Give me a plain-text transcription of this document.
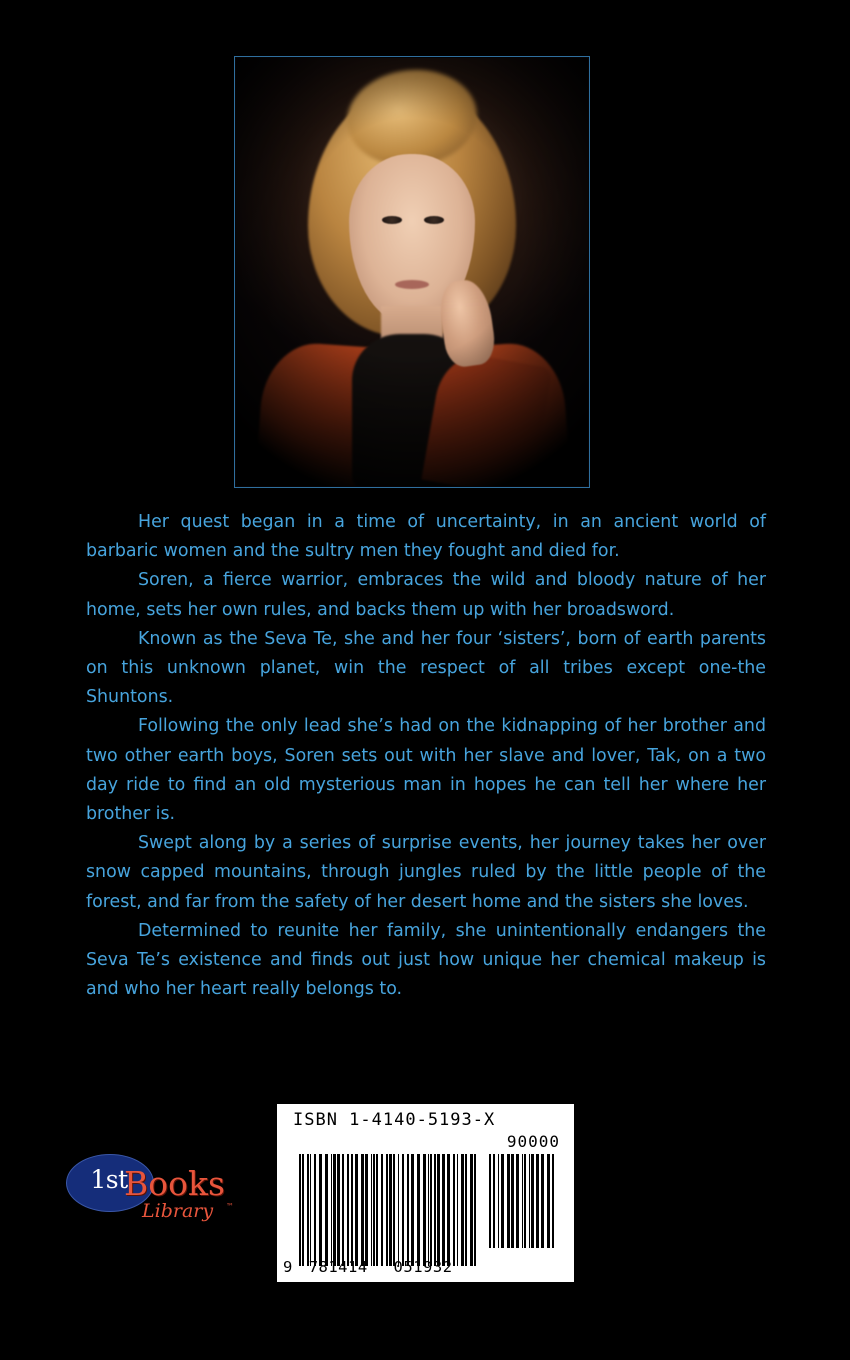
Her quest began in a time of uncertainty, in an ancient world of barbaric women and the sultry men they fought and died for.

Soren, a fierce warrior, embraces the wild and bloody nature of her home, sets her own rules, and backs them up with her broadsword.

Known as the Seva Te, she and her four ‘sisters’, born of earth parents on this unknown planet, win the respect of all tribes except one-the Shuntons.

Following the only lead she’s had on the kidnapping of her brother and two other earth boys, Soren sets out with her slave and lover, Tak, on a two day ride to find an old mysterious man in hopes he can tell her where her brother is.

Swept along by a series of surprise events, her journey takes her over snow capped mountains, through jungles ruled by the little people of the forest, and far from the safety of her desert home and the sisters she loves.

Determined to reunite her family, she unintentionally endangers the Seva Te’s existence and finds out just how unique her chemical makeup is and who her heart really belongs to.

1st
Books
Library ™
ISBN 1-4140-5193-X
90000
9 781414 051932
